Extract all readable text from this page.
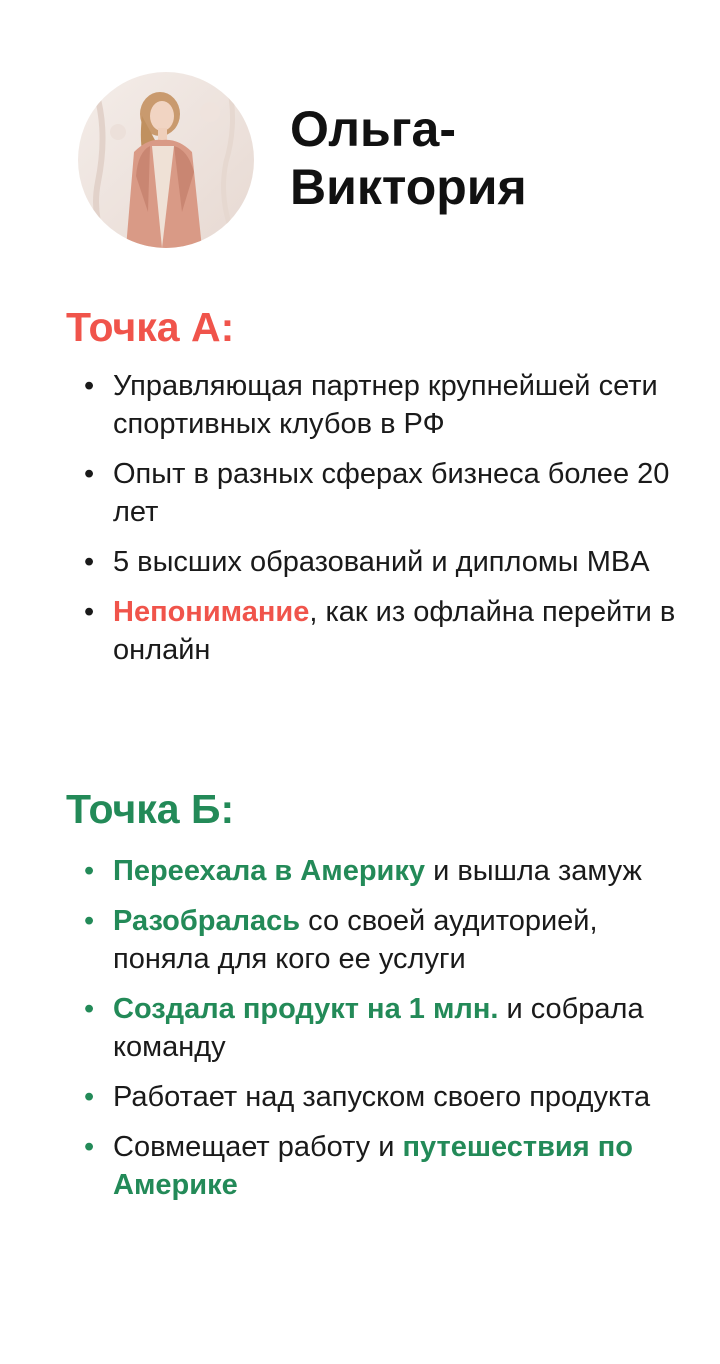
Ольга-
Виктория
Точка А:
• Управляющая партнер крупнейшей сети спортивных клубов в РФ
• Опыт в разных сферах бизнеса более 20 лет
• 5 высших образований и дипломы MBA
• Непонимание, как из офлайна перейти в онлайн
Точка Б:
• Переехала в Америку и вышла замуж
• Разобралась со своей аудиторией, поняла для кого ее услуги
• Создала продукт на 1 млн. и собрала команду
• Работает над запуском своего продукта
• Совмещает работу и путешествия по Америке
